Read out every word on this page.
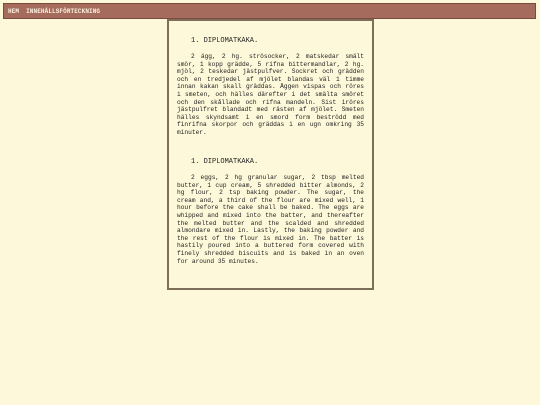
HEM INNEHÅLLSFÖRTECKNING
1. DIPLOMATKAKA.

2 ägg, 2 hg. strösocker, 2 matskedar smält smör, 1 kopp grädde, 5 rifna bittermandlar, 2 hg. mjöl, 2 teskedar jästpulfver. Sockret och grädden och en tredjedel af mjölet blandas väl 1 timme innan kakan skall gräddas. Äggen vispas och röres i smeten, och hälles därefter i det smälta smöret och den skållade och rifna mandeln. Sist iröres jästpulfret blandadt med rästen af mjölet. Smeten hälles skyndsamt i en smord form beströdd med finrifna skorpor och gräddas i en ugn omkring 35 minuter.

1. DIPLOMATKAKA.

2 eggs, 2 hg granular sugar, 2 tbsp melted butter, 1 cup cream, 5 shredded bitter almonds, 2 hg flour, 2 tsp baking powder. The sugar, the cream and, a third of the flour are mixed well, 1 hour before the cake shall be baked. The eggs are whipped and mixed into the batter, and thereafter the melted butter and the scalded and shredded almondare mixed in. Lastly, the baking powder and the rest of the flour is mixed in. The batter is hastily poured into a buttered form covered with finely shredded biscuits and is baked in an oven for around 35 minutes.
